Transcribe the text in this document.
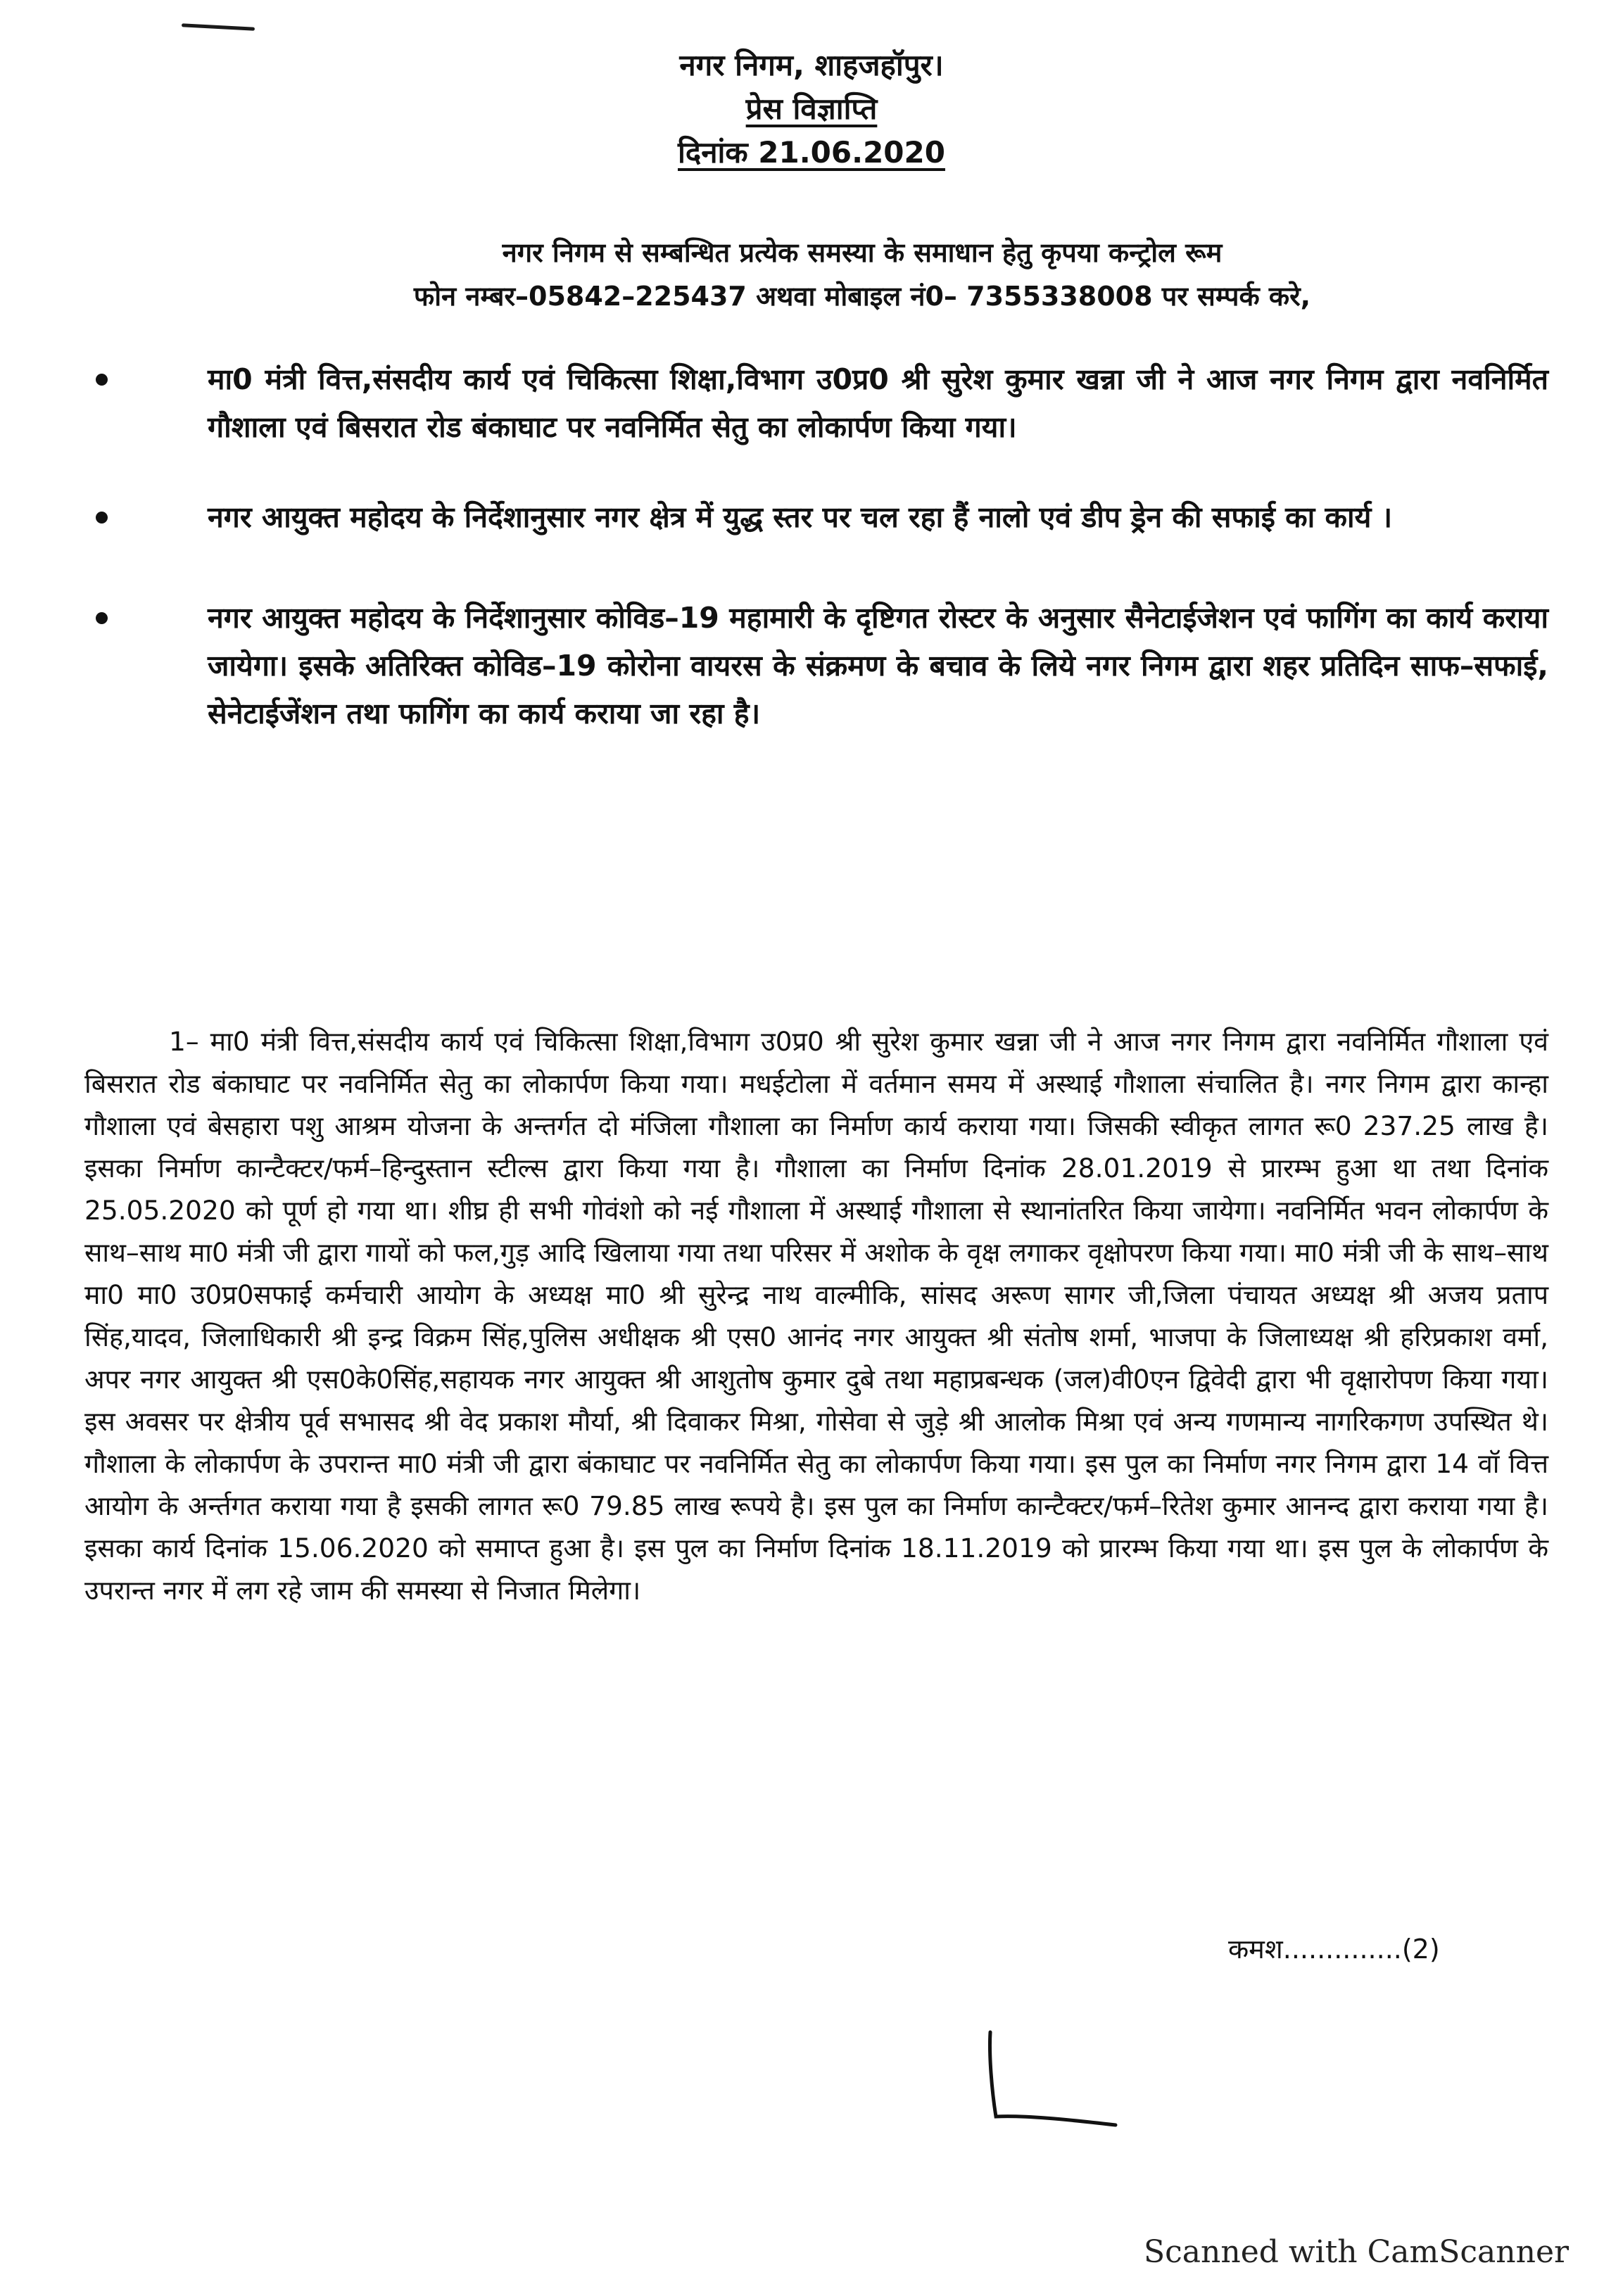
नगर निगम, शाहजहॉपुर।
प्रेस विज्ञाप्ति
दिनांक 21.06.2020
नगर निगम से सम्बन्धित प्रत्येक समस्या के समाधान हेतु कृपया कन्ट्रोल रूम
फोन नम्बर–05842–225437 अथवा मोबाइल नं0– 7355338008 पर सम्पर्क करे,
मा0 मंत्री वित्त,संसदीय कार्य एवं चिकित्सा शिक्षा,विभाग उ0प्र0 श्री सुरेश कुमार खन्ना जी ने आज नगर निगम द्वारा नवनिर्मित गौशाला एवं बिसरात रोड बंकाघाट पर नवनिर्मित सेतु का लोकार्पण किया गया।
नगर आयुक्त महोदय के निर्देशानुसार नगर क्षेत्र में युद्ध स्तर पर चल रहा हैं नालो एवं डीप ड्रेन की सफाई का कार्य ।
नगर आयुक्त महोदय के निर्देशानुसार कोविड–19 महामारी के दृष्टिगत रोस्टर के अनुसार सैनेटाईजेशन एवं फागिंग का कार्य कराया जायेगा। इसके अतिरिक्त कोविड–19 कोरोना वायरस के संक्रमण के बचाव के लिये नगर निगम द्वारा शहर प्रतिदिन साफ–सफाई, सेनेटाईजेंशन तथा फागिंग का कार्य कराया जा रहा है।
1– मा0 मंत्री वित्त,संसदीय कार्य एवं चिकित्सा शिक्षा,विभाग उ0प्र0 श्री सुरेश कुमार खन्ना जी ने आज नगर निगम द्वारा नवनिर्मित गौशाला एवं बिसरात रोड बंकाघाट पर नवनिर्मित सेतु का लोकार्पण किया गया। मधईटोला में वर्तमान समय में अस्थाई गौशाला संचालित है। नगर निगम द्वारा कान्हा गौशाला एवं बेसहारा पशु आश्रम योजना के अन्तर्गत दो मंजिला गौशाला का निर्माण कार्य कराया गया। जिसकी स्वीकृत लागत रू0 237.25 लाख है। इसका निर्माण कान्टैक्टर/फर्म–हिन्दुस्तान स्टील्स द्वारा किया गया है। गौशाला का निर्माण दिनांक 28.01.2019 से प्रारम्भ हुआ था तथा दिनांक 25.05.2020 को पूर्ण हो गया था। शीघ्र ही सभी गोवंशो को नई गौशाला में अस्थाई गौशाला से स्थानांतरित किया जायेगा। नवनिर्मित भवन लोकार्पण के साथ–साथ मा0 मंत्री जी द्वारा गायों को फल,गुड़ आदि खिलाया गया तथा परिसर में अशोक के वृक्ष लगाकर वृक्षोपरण किया गया। मा0 मंत्री जी के साथ–साथ मा0 मा0 उ0प्र0सफाई कर्मचारी आयोग के अध्यक्ष मा0 श्री सुरेन्द्र नाथ वाल्मीकि, सांसद अरूण सागर जी,जिला पंचायत अध्यक्ष श्री अजय प्रताप सिंह,यादव, जिलाधिकारी श्री इन्द्र विक्रम सिंह,पुलिस अधीक्षक श्री एस0 आनंद नगर आयुक्त श्री संतोष शर्मा, भाजपा के जिलाध्यक्ष श्री हरिप्रकाश वर्मा, अपर नगर आयुक्त श्री एस0के0सिंह,सहायक नगर आयुक्त श्री आशुतोष कुमार दुबे तथा महाप्रबन्धक (जल)वी0एन द्विवेदी द्वारा भी वृक्षारोपण किया गया। इस अवसर पर क्षेत्रीय पूर्व सभासद श्री वेद प्रकाश मौर्या, श्री दिवाकर मिश्रा, गोसेवा से जुड़े श्री आलोक मिश्रा एवं अन्य गणमान्य नागरिकगण उपस्थित थे। गौशाला के लोकार्पण के उपरान्त मा0 मंत्री जी द्वारा बंकाघाट पर नवनिर्मित सेतु का लोकार्पण किया गया। इस पुल का निर्माण नगर निगम द्वारा 14 वॉ वित्त आयोग के अर्न्तगत कराया गया है इसकी लागत रू0 79.85 लाख रूपये है। इस पुल का निर्माण कान्टैक्टर/फर्म–रितेश कुमार आनन्द द्वारा कराया गया है। इसका कार्य दिनांक 15.06.2020 को समाप्त हुआ है। इस पुल का निर्माण दिनांक 18.11.2019 को प्रारम्भ किया गया था। इस पुल के लोकार्पण के उपरान्त नगर में लग रहे जाम की समस्या से निजात मिलेगा।
कमश..............(2)
Scanned with CamScanner
